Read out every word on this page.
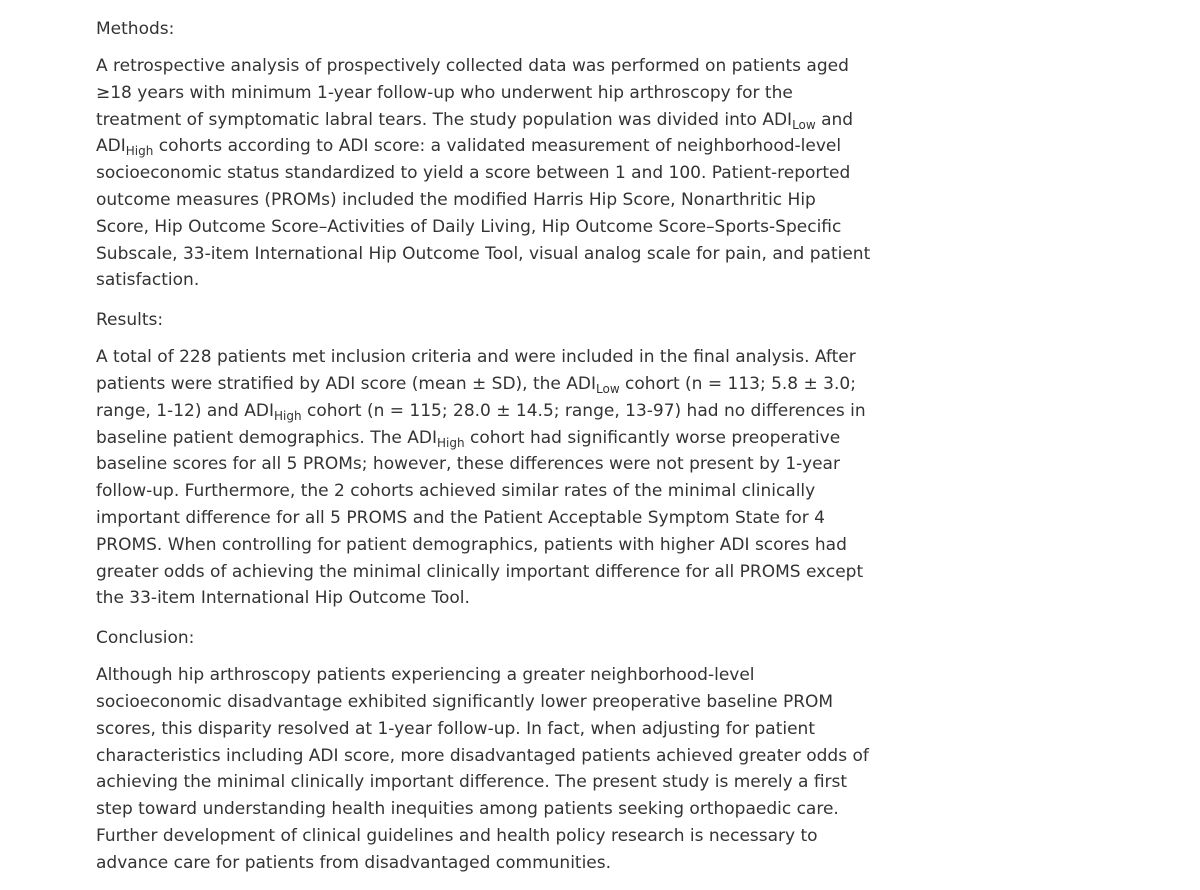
Methods:

A retrospective analysis of prospectively collected data was performed on patients aged ≥18 years with minimum 1-year follow-up who underwent hip arthroscopy for the treatment of symptomatic labral tears. The study population was divided into $ADI_{Low}$ and $ADI_{High}$ cohorts according to ADI score: a validated measurement of neighborhood-level socioeconomic status standardized to yield a score between 1 and 100. Patient-reported outcome measures (PROMs) included the modified Harris Hip Score, Nonarthritic Hip Score, Hip Outcome Score–Activities of Daily Living, Hip Outcome Score–Sports-Specific Subscale, 33-item International Hip Outcome Tool, visual analog scale for pain, and patient satisfaction.

Results:

A total of 228 patients met inclusion criteria and were included in the final analysis. After patients were stratified by ADI score (mean ± SD), the $ADI_{Low}$ cohort (n = 113; 5.8 ± 3.0; range, 1-12) and $ADI_{High}$ cohort (n = 115; 28.0 ± 14.5; range, 13-97) had no differences in baseline patient demographics. The $ADI_{High}$ cohort had significantly worse preoperative baseline scores for all 5 PROMs; however, these differences were not present by 1-year follow-up. Furthermore, the 2 cohorts achieved similar rates of the minimal clinically important difference for all 5 PROMS and the Patient Acceptable Symptom State for 4 PROMS. When controlling for patient demographics, patients with higher ADI scores had greater odds of achieving the minimal clinically important difference for all PROMS except the 33-item International Hip Outcome Tool.

Conclusion:

Although hip arthroscopy patients experiencing a greater neighborhood-level socioeconomic disadvantage exhibited significantly lower preoperative baseline PROM scores, this disparity resolved at 1-year follow-up. In fact, when adjusting for patient characteristics including ADI score, more disadvantaged patients achieved greater odds of achieving the minimal clinically important difference. The present study is merely a first step toward understanding health inequities among patients seeking orthopaedic care. Further development of clinical guidelines and health policy research is necessary to advance care for patients from disadvantaged communities.
